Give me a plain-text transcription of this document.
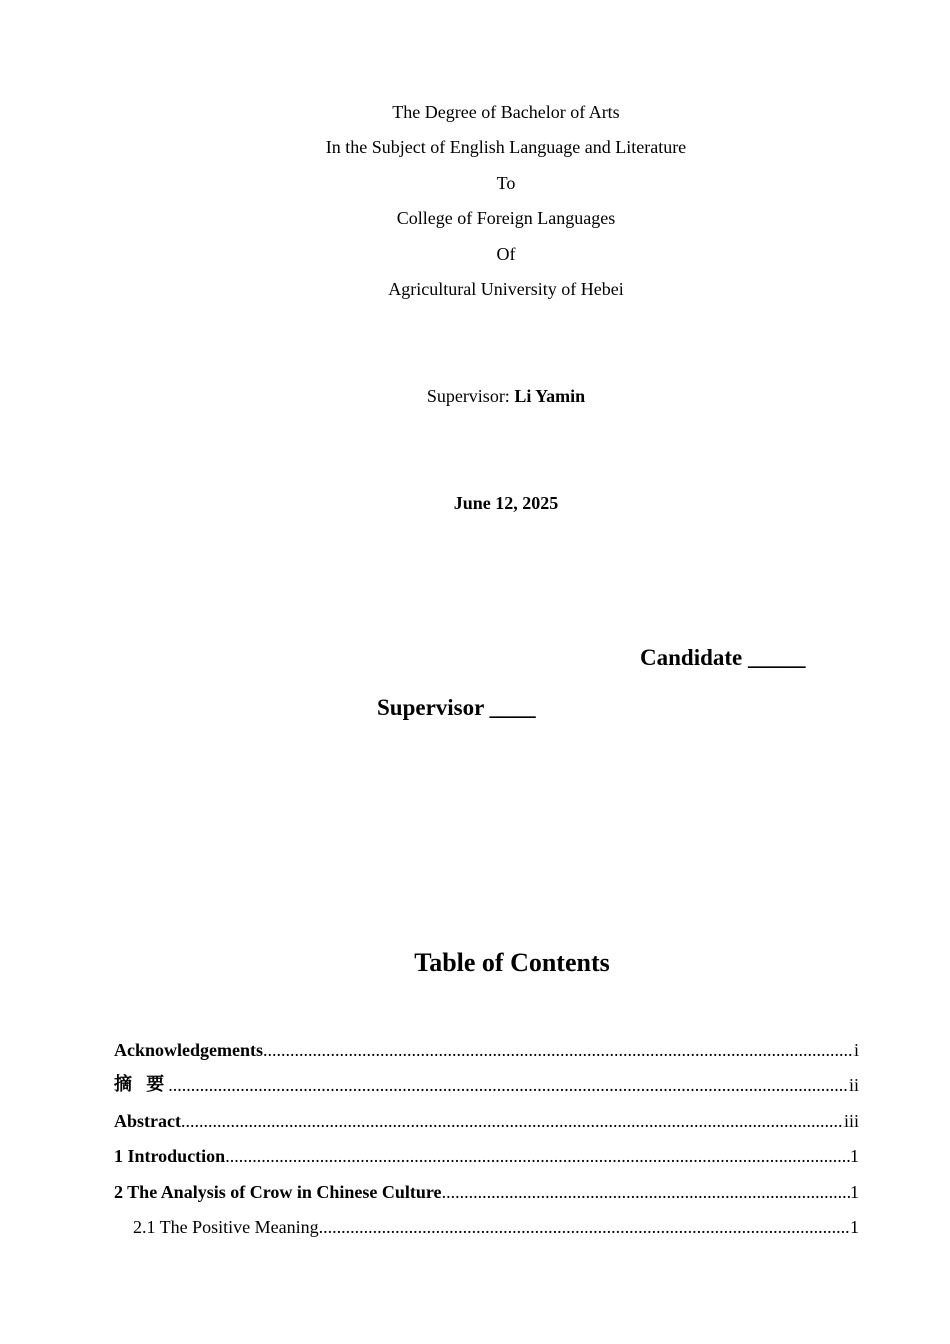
The Degree of Bachelor of Arts
In the Subject of English Language and Literature
To
College of Foreign Languages
Of
Agricultural University of Hebei
Supervisor: Li Yamin
June 12, 2025
Candidate _____
Supervisor ____
Table of Contents
Acknowledgements .....	i
摘 要 .....	ii
Abstract .....	iii
1 Introduction .....	1
2 The Analysis of Crow in Chinese Culture .....	1
2.1 The Positive Meaning .....	1
